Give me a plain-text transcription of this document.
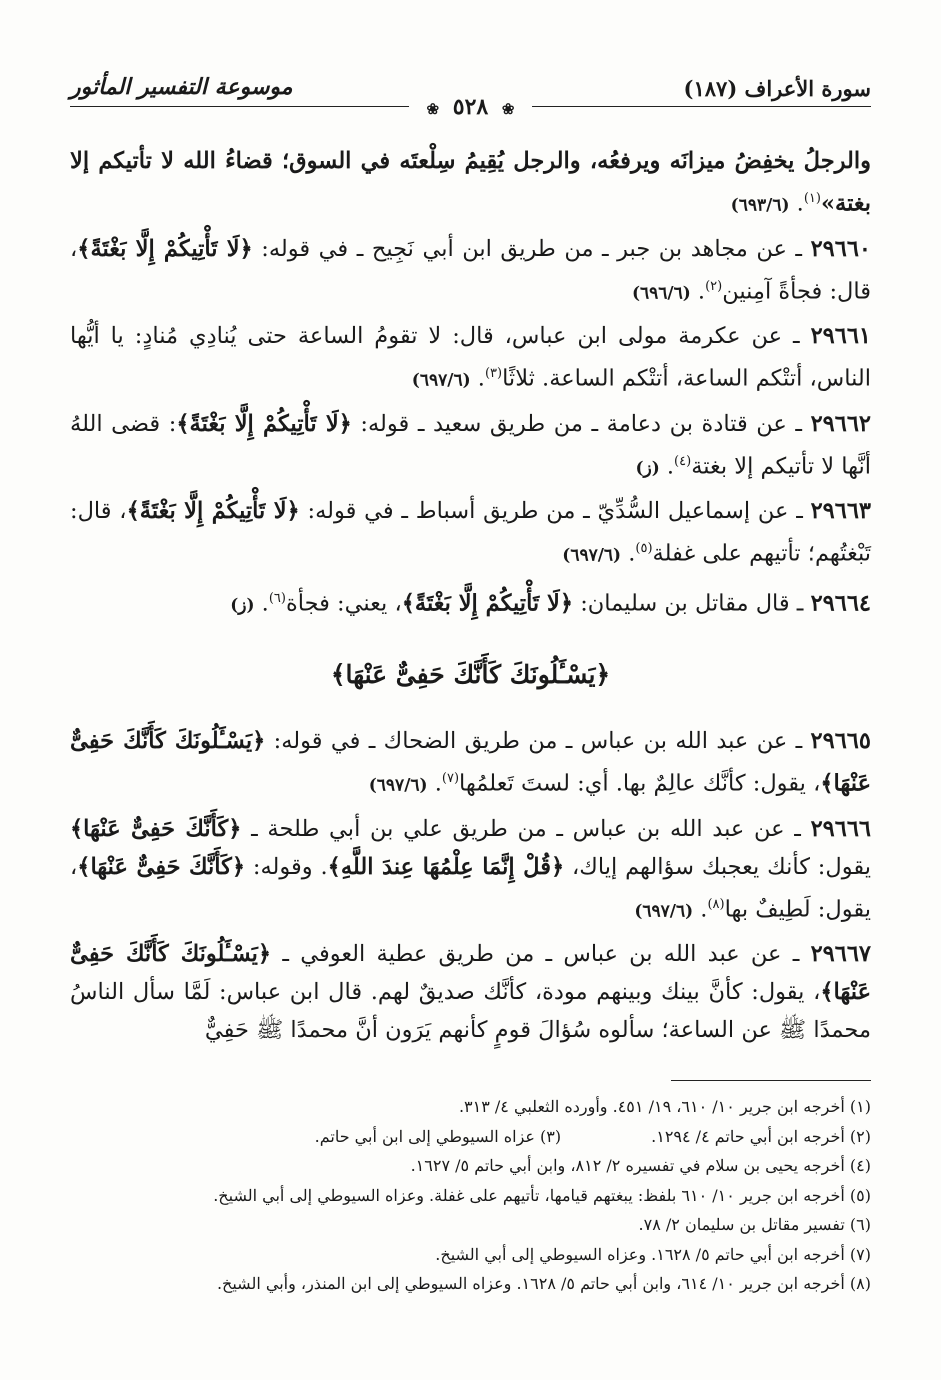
سورة الأعراف (١٨٧)
موسوعة التفسير المأثور
❀ ٥٢٨ ❀

والرجلُ يخفِضُ ميزانَه ويرفعُه، والرجل يُقِيمُ سِلْعتَه في السوق؛ قضاءُ الله لا تأتيكم إلا بغتة»$^{(١)}$. (٦٩٣/٦)

٢٩٦٦٠ ـ عن مجاهد بن جبر ـ من طريق ابن أبي نَجِيح ـ في قوله: ﴿لَا تَأْتِيكُمْ إِلَّا بَغْتَةً﴾، قال: فجأةً آمِنين$^{(٢)}$. (٦٩٦/٦)

٢٩٦٦١ ـ عن عكرمة مولى ابن عباس، قال: لا تقومُ الساعة حتى يُنادِي مُنادٍ: يا أيُّها الناس، أتتْكم الساعة، أتتْكم الساعة. ثلاثًا$^{(٣)}$. (٦٩٧/٦)

٢٩٦٦٢ ـ عن قتادة بن دعامة ـ من طريق سعيد ـ قوله: ﴿لَا تَأْتِيكُمْ إِلَّا بَغْتَةً﴾: قضى اللهُ أنَّها لا تأتيكم إلا بغتة$^{(٤)}$. (ز)

٢٩٦٦٣ ـ عن إسماعيل السُّدِّيّ ـ من طريق أسباط ـ في قوله: ﴿لَا تَأْتِيكُمْ إِلَّا بَغْتَةً﴾، قال: تَبْغتُهم؛ تأتيهم على غفلة$^{(٥)}$. (٦٩٧/٦)

٢٩٦٦٤ ـ قال مقاتل بن سليمان: ﴿لَا تَأْتِيكُمْ إِلَّا بَغْتَةً﴾، يعني: فجأة$^{(٦)}$. (ز)

﴿يَسْـَٔلُونَكَ كَأَنَّكَ حَفِىٌّ عَنْهَا﴾

٢٩٦٦٥ ـ عن عبد الله بن عباس ـ من طريق الضحاك ـ في قوله: ﴿يَسْـَٔلُونَكَ كَأَنَّكَ حَفِىٌّ عَنْهَا﴾، يقول: كأنَّك عالِمٌ بها. أي: لستَ تَعلمُها$^{(٧)}$. (٦٩٧/٦)

٢٩٦٦٦ ـ عن عبد الله بن عباس ـ من طريق علي بن أبي طلحة ـ ﴿كَأَنَّكَ حَفِىٌّ عَنْهَا﴾ يقول: كأنك يعجبك سؤالهم إياك، ﴿قُلْ إِنَّمَا عِلْمُهَا عِندَ اللَّهِ﴾. وقوله: ﴿كَأَنَّكَ حَفِىٌّ عَنْهَا﴾، يقول: لَطِيفٌ بها$^{(٨)}$. (٦٩٧/٦)

٢٩٦٦٧ ـ عن عبد الله بن عباس ـ من طريق عطية العوفي ـ ﴿يَسْـَٔلُونَكَ كَأَنَّكَ حَفِىٌّ عَنْهَا﴾، يقول: كأنَّ بينك وبينهم مودة، كأنَّك صديقٌ لهم. قال ابن عباس: لَمَّا سأل الناسُ محمدًا ﷺ عن الساعة؛ سألوه سُؤالَ قومٍ كأنهم يَرَون أنَّ محمدًا ﷺ حَفِيٌّ

(١) أخرجه ابن جرير ١٠/ ٦١٠، ١٩/ ٤٥١. وأورده الثعلبي ٤/ ٣١٣.
(٢) أخرجه ابن أبي حاتم ٤/ ١٢٩٤.(٣) عزاه السيوطي إلى ابن أبي حاتم.
(٤) أخرجه يحيى بن سلام في تفسيره ٢/ ٨١٢، وابن أبي حاتم ٥/ ١٦٢٧.
(٥) أخرجه ابن جرير ١٠/ ٦١٠ بلفظ: يبغتهم قيامها، تأتيهم على غفلة. وعزاه السيوطي إلى أبي الشيخ.
(٦) تفسير مقاتل بن سليمان ٢/ ٧٨.
(٧) أخرجه ابن أبي حاتم ٥/ ١٦٢٨. وعزاه السيوطي إلى أبي الشيخ.
(٨) أخرجه ابن جرير ١٠/ ٦١٤، وابن أبي حاتم ٥/ ١٦٢٨. وعزاه السيوطي إلى ابن المنذر، وأبي الشيخ.
